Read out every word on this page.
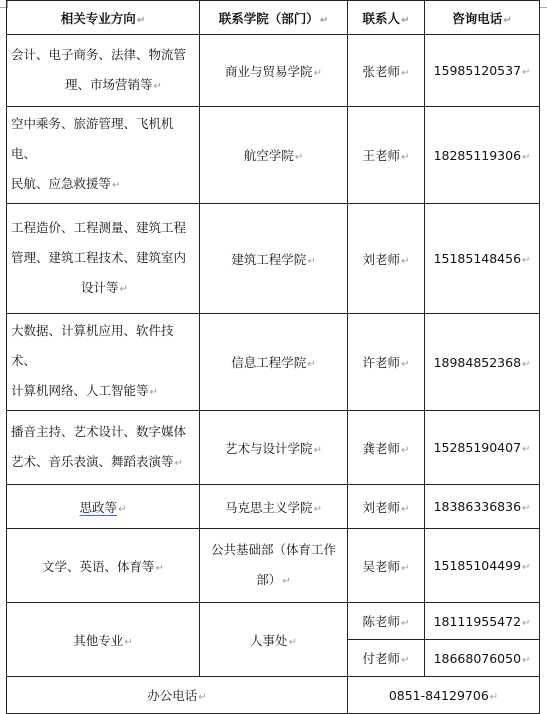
相关专业方向↵	联系学院（部门）↵	联系人↵	咨询电话↵
会计、电子商务、法律、物流管
理、市场营销等↵	商业与贸易学院↵	张老师↵	15985120537↵
空中乘务、旅游管理、飞机机电、
民航、应急救援等↵	航空学院↵	王老师↵	18285119306↵
工程造价、工程测量、建筑工程
管理、建筑工程技术、建筑室内
设计等↵	建筑工程学院↵	刘老师↵	15185148456↵
大数据、计算机应用、软件技术、
计算机网络、人工智能等↵	信息工程学院↵	许老师↵	18984852368↵
播音主持、艺术设计、数字媒体
艺术、音乐表演、舞蹈表演等↵	艺术与设计学院↵	龚老师↵	15285190407↵
思政等↵	马克思主义学院↵	刘老师↵	18386336836↵
文学、英语、体育等↵	公共基础部（体育工作部）↵	吴老师↵	15185104499↵
其他专业↵	人事处↵	陈老师↵	18111955472↵
		付老师↵	18668076050↵
办公电话↵		0851-84129706↵	
